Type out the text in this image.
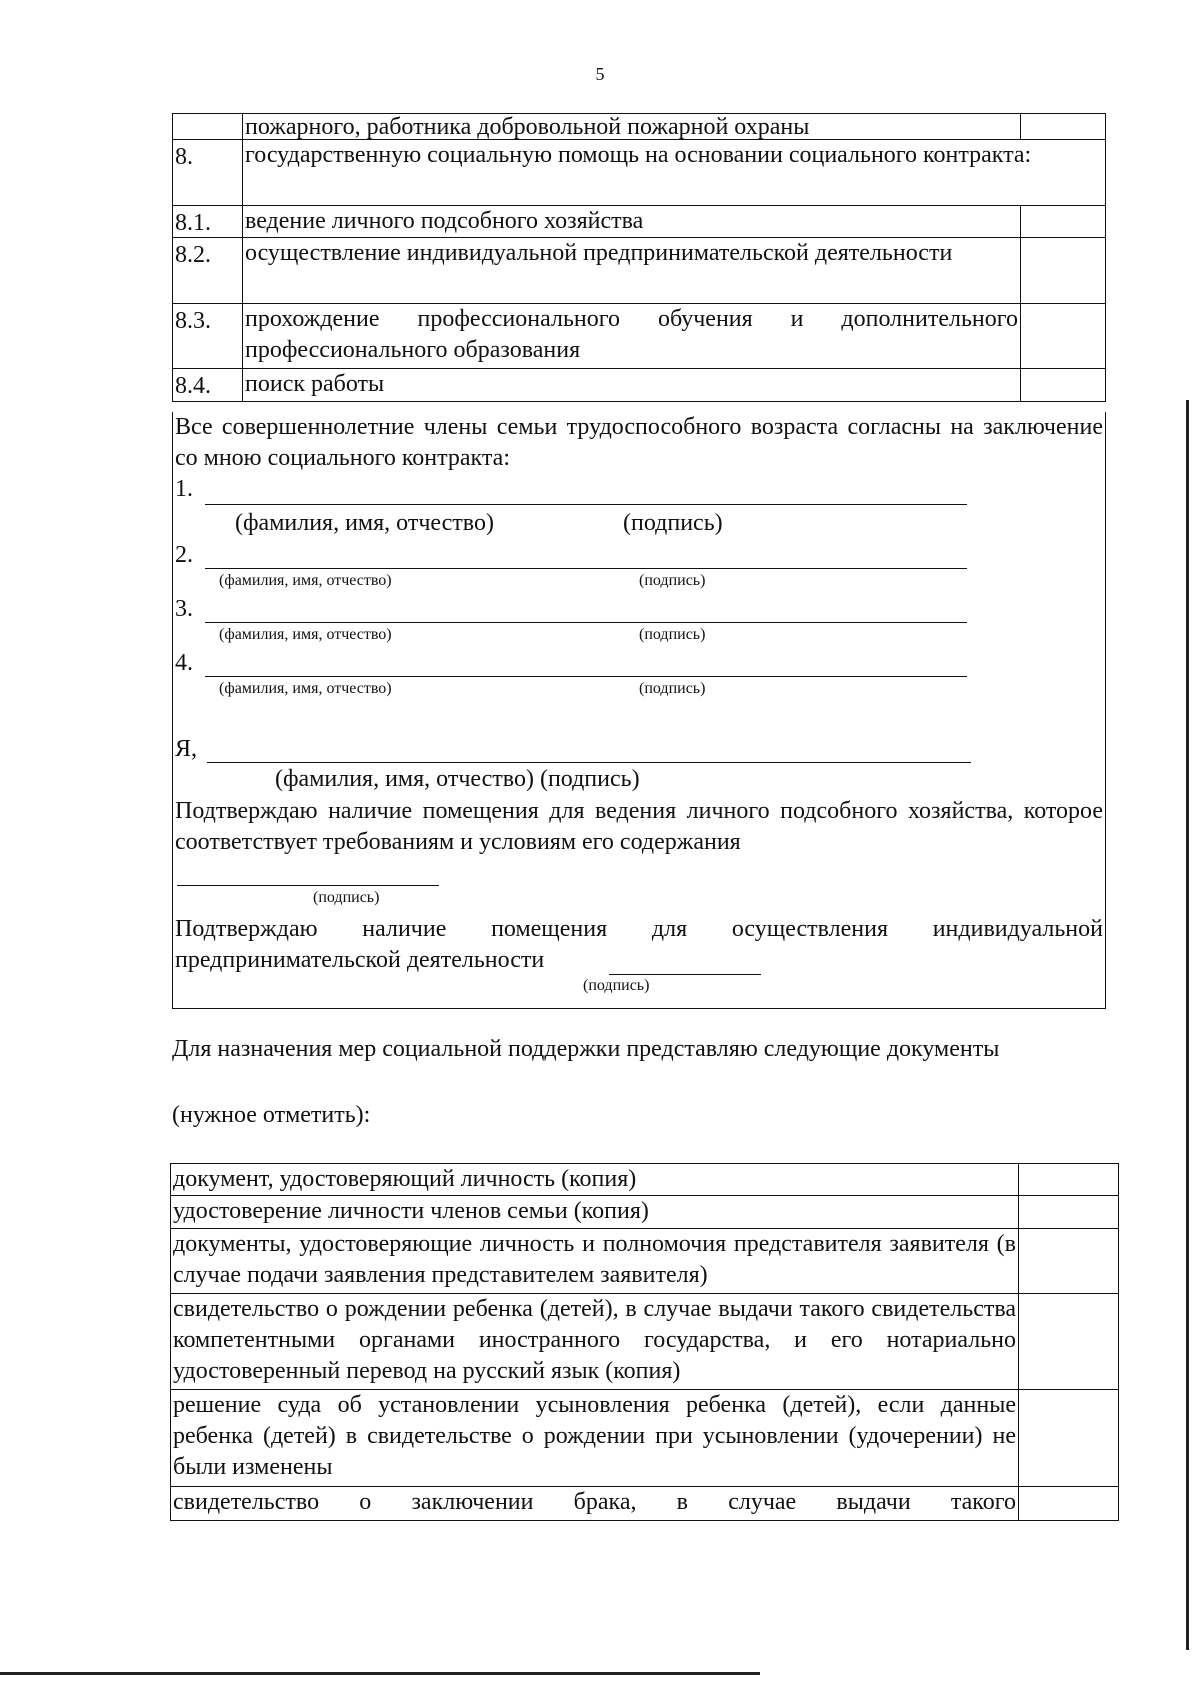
5
пожарного, работника добровольной пожарной охраны
8.	государственную социальную помощь на основании социального контракта:
8.1.	ведение личного подсобного хозяйства
8.2.	осуществление индивидуальной предпринимательской деятельности
8.3.	прохождение профессионального обучения и дополнительного профессионального образования
8.4.	поиск работы
Все совершеннолетние члены семьи трудоспособного возраста согласны на заключение со мною социального контракта:
1.
(фамилия, имя, отчество)	(подпись)
2.
(фамилия, имя, отчество)	(подпись)
3.
(фамилия, имя, отчество)	(подпись)
4.
(фамилия, имя, отчество)	(подпись)
Я,
(фамилия, имя, отчество) (подпись)
Подтверждаю наличие помещения для ведения личного подсобного хозяйства, которое соответствует требованиям и условиям его содержания
(подпись)
Подтверждаю наличие помещения для осуществления индивидуальной
предпринимательской деятельности
(подпись)
Для назначения мер социальной поддержки представляю следующие документы
(нужное отметить):
документ, удостоверяющий личность (копия)
удостоверение личности членов семьи (копия)
документы, удостоверяющие личность и полномочия представителя заявителя (в случае подачи заявления представителем заявителя)
свидетельство о рождении ребенка (детей), в случае выдачи такого свидетельства компетентными органами иностранного государства, и его нотариально удостоверенный перевод на русский язык (копия)
решение суда об установлении усыновления ребенка (детей), если данные ребенка (детей) в свидетельстве о рождении при усыновлении (удочерении) не были изменены
свидетельство о заключении брака, в случае выдачи такого
